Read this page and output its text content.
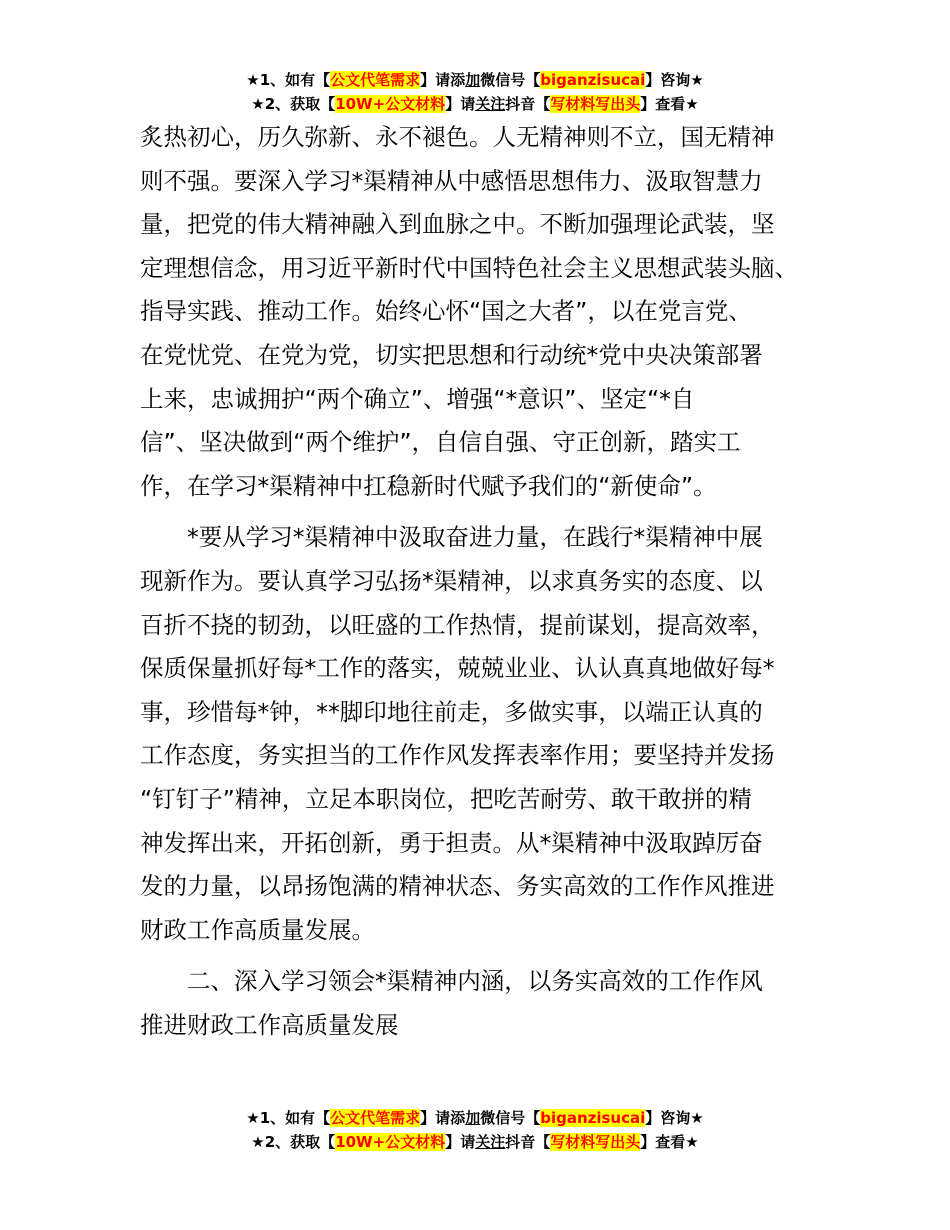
★1、如有【公文代笔需求】请添加微信号【biganzisucai】咨询★
★2、获取【10W+公文材料】请关注抖音【写材料写出头】查看★
炙热初心，历久弥新、永不褪色。人无精神则不立，国无精神
则不强。要深入学习*渠精神从中感悟思想伟力、汲取智慧力
量，把党的伟大精神融入到血脉之中。不断加强理论武装，坚
定理想信念，用习近平新时代中国特色社会主义思想武装头脑、
指导实践、推动工作。始终心怀“国之大者”，以在党言党、
在党忧党、在党为党，切实把思想和行动统*党中央决策部署
上来，忠诚拥护“两个确立”、增强“*意识”、坚定“*自
信”、坚决做到“两个维护”，自信自强、守正创新，踏实工
作，在学习*渠精神中扛稳新时代赋予我们的“新使命”。
*要从学习*渠精神中汲取奋进力量，在践行*渠精神中展
现新作为。要认真学习弘扬*渠精神，以求真务实的态度、以
百折不挠的韧劲，以旺盛的工作热情，提前谋划，提高效率，
保质保量抓好每*工作的落实，兢兢业业、认认真真地做好每*
事，珍惜每*钟，**脚印地往前走，多做实事，以端正认真的
工作态度，务实担当的工作作风发挥表率作用；要坚持并发扬
“钉钉子”精神，立足本职岗位，把吃苦耐劳、敢干敢拼的精
神发挥出来，开拓创新，勇于担责。从*渠精神中汲取踔厉奋
发的力量，以昂扬饱满的精神状态、务实高效的工作作风推进
财政工作高质量发展。
二、深入学习领会*渠精神内涵，以务实高效的工作作风
推进财政工作高质量发展
★1、如有【公文代笔需求】请添加微信号【biganzisucai】咨询★
★2、获取【10W+公文材料】请关注抖音【写材料写出头】查看★
